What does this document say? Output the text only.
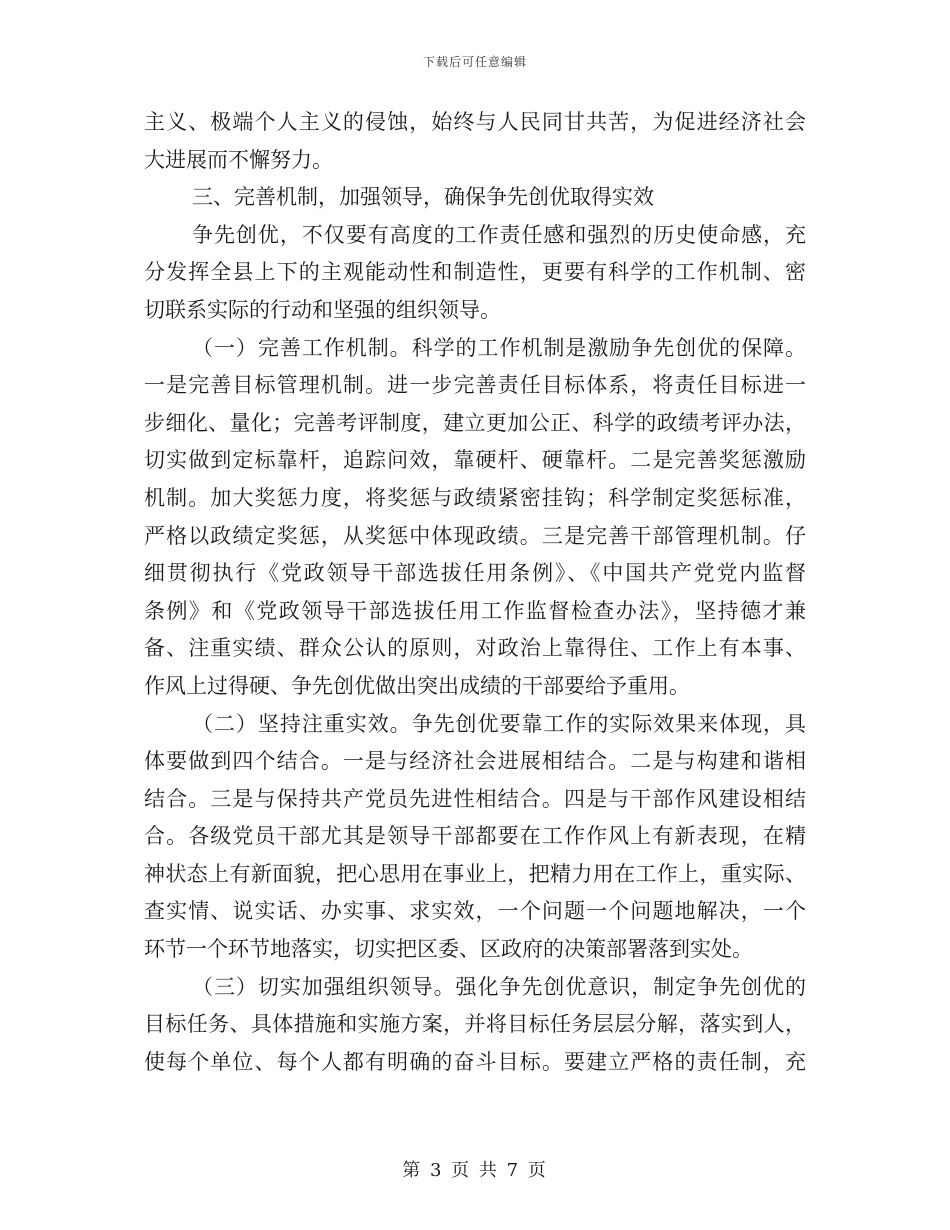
下载后可任意编辑
主义、极端个人主义的侵蚀，始终与人民同甘共苦，为促进经济社会
大进展而不懈努力。
三、完善机制，加强领导，确保争先创优取得实效
争先创优，不仅要有高度的工作责任感和强烈的历史使命感，充
分发挥全县上下的主观能动性和制造性，更要有科学的工作机制、密
切联系实际的行动和坚强的组织领导。
（一）完善工作机制。科学的工作机制是激励争先创优的保障。
一是完善目标管理机制。进一步完善责任目标体系，将责任目标进一
步细化、量化；完善考评制度，建立更加公正、科学的政绩考评办法，
切实做到定标靠杆，追踪问效，靠硬杆、硬靠杆。二是完善奖惩激励
机制。加大奖惩力度，将奖惩与政绩紧密挂钩；科学制定奖惩标准，
严格以政绩定奖惩，从奖惩中体现政绩。三是完善干部管理机制。仔
细贯彻执行《党政领导干部选拔任用条例》、《中国共产党党内监督
条例》和《党政领导干部选拔任用工作监督检查办法》，坚持德才兼
备、注重实绩、群众公认的原则，对政治上靠得住、工作上有本事、
作风上过得硬、争先创优做出突出成绩的干部要给予重用。
（二）坚持注重实效。争先创优要靠工作的实际效果来体现，具
体要做到四个结合。一是与经济社会进展相结合。二是与构建和谐相
结合。三是与保持共产党员先进性相结合。四是与干部作风建设相结
合。各级党员干部尤其是领导干部都要在工作作风上有新表现，在精
神状态上有新面貌，把心思用在事业上，把精力用在工作上，重实际、
查实情、说实话、办实事、求实效，一个问题一个问题地解决，一个
环节一个环节地落实，切实把区委、区政府的决策部署落到实处。
（三）切实加强组织领导。强化争先创优意识，制定争先创优的
目标任务、具体措施和实施方案，并将目标任务层层分解，落实到人，
使每个单位、每个人都有明确的奋斗目标。要建立严格的责任制，充
第 3 页 共 7 页
